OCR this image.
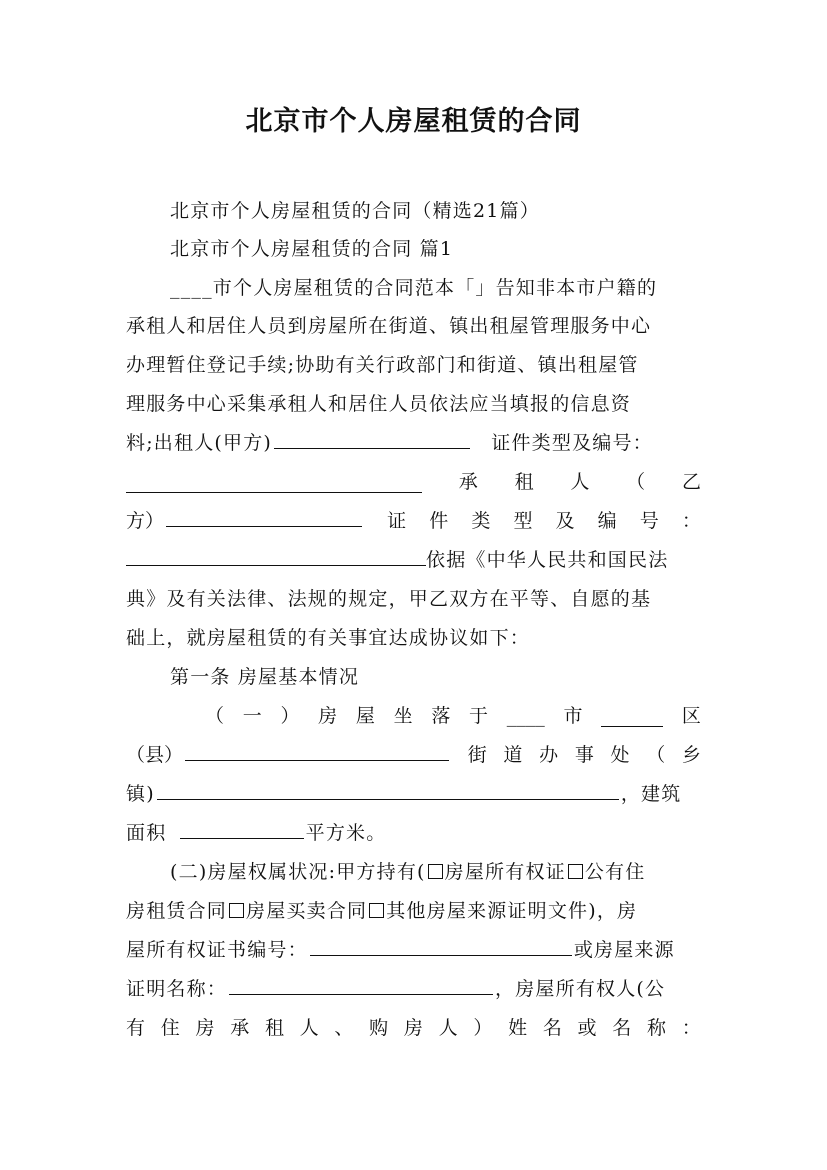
北京市个人房屋租赁的合同
北京市个人房屋租赁的合同（精选21篇）
北京市个人房屋租赁的合同 篇1
____市个人房屋租赁的合同范本「」告知非本市户籍的
承租人和居住人员到房屋所在街道、镇出租屋管理服务中心
办理暂住登记手续;协助有关行政部门和街道、镇出租屋管
理服务中心采集承租人和居住人员依法应当填报的信息资
料;出租人(甲方)	证件类型及编号：
承 租 人 （ 乙
方）	证 件 类 型 及 编 号 ：
依据《中华人民共和国民法
典》及有关法律、法规的规定，甲乙双方在平等、自愿的基
础上，就房屋租赁的有关事宜达成协议如下：
第一条 房屋基本情况
（ 一 ） 房 屋 坐 落 于 ____ 市	区
（县）	街 道 办 事 处 （ 乡
镇)	，建筑
面积	平方米。
(二)房屋权属状况:甲方持有( 房屋所有权证 公有住
房租赁合同 房屋买卖合同 其他房屋来源证明文件)，房
屋所有权证书编号：	或房屋来源
证明名称：	，房屋所有权人(公
有 住 房 承 租 人 、 购 房 人 ） 姓 名 或 名 称 ：
